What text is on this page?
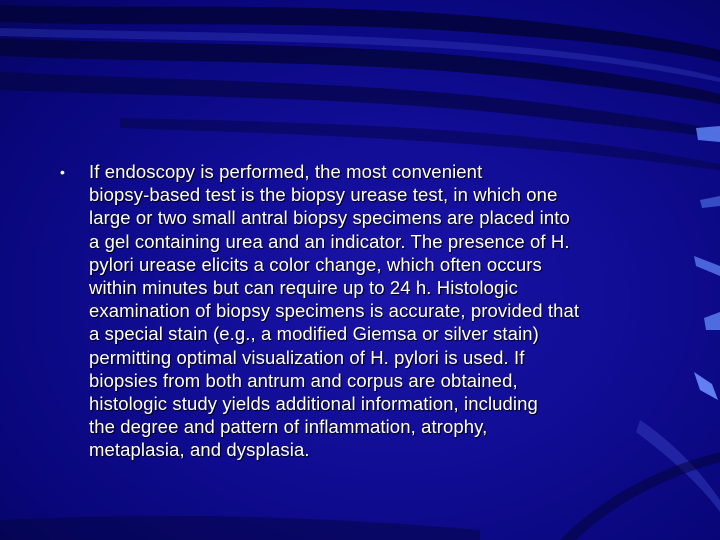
•	If endoscopy is performed, the most convenient
biopsy-based test is the biopsy urease test, in which one
large or two small antral biopsy specimens are placed into
a gel containing urea and an indicator. The presence of H.
pylori urease elicits a color change, which often occurs
within minutes but can require up to 24 h. Histologic
examination of biopsy specimens is accurate, provided that
a special stain (e.g., a modified Giemsa or silver stain)
permitting optimal visualization of H. pylori is used. If
biopsies from both antrum and corpus are obtained,
histologic study yields additional information, including
the degree and pattern of inflammation, atrophy,
metaplasia, and dysplasia.
